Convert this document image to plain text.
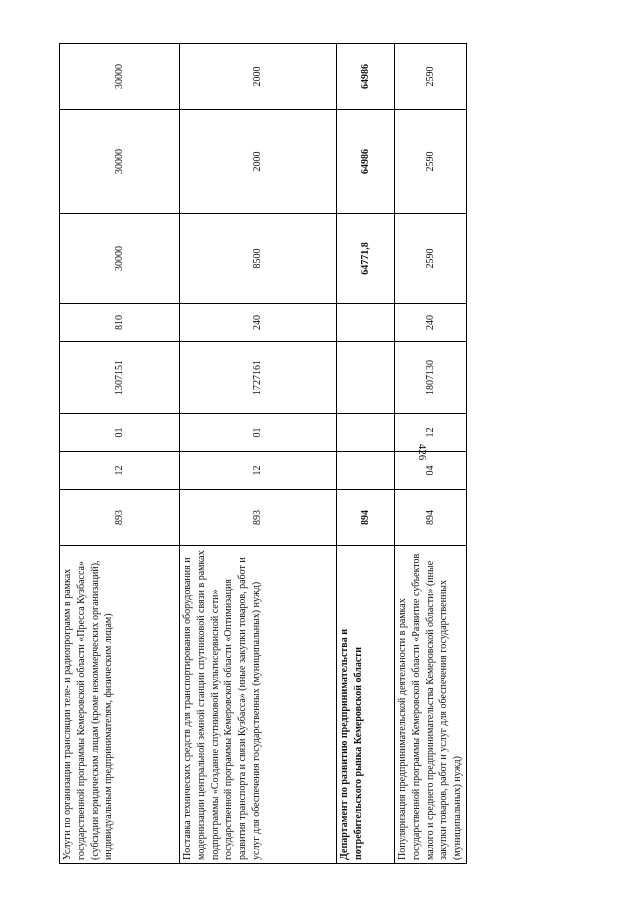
426
Услуги по организации трансляции теле- и радиопрограмм в рамках государственной программы Кемеровской области «Пресса Кузбасса» (субсидии юридическим лицам (кроме некоммерческих организаций), индивидуальным предпринимателям, физическим лицам)	893	12	01	1307151	810	30000	30000	30000
Поставка технических средств для транспортирования оборудования и модернизации центральной земной станции спутниковой связи в рамках подпрограммы «Создание спутниковой мультисервисной сети» государственной программы Кемеровской области «Оптимизация развития транспорта и связи Кузбасса» (иные закупки товаров, работ и услуг для обеспечения государственных (муниципальных) нужд)	893	12	01	1727161	240	8500	2000	2000
Департамент по развитию предпринимательства и потребительского рынка Кемеровской области	894					64771,8	64986	64986
Популяризация предпринимательской деятельности в рамках государственной программы Кемеровской области «Развитие субъектов малого и среднего предпринимательства Кемеровской области» (иные закупки товаров, работ и услуг для обеспечения государственных (муниципальных) нужд)	894	04	12	1807130	240	2590	2590	2590
